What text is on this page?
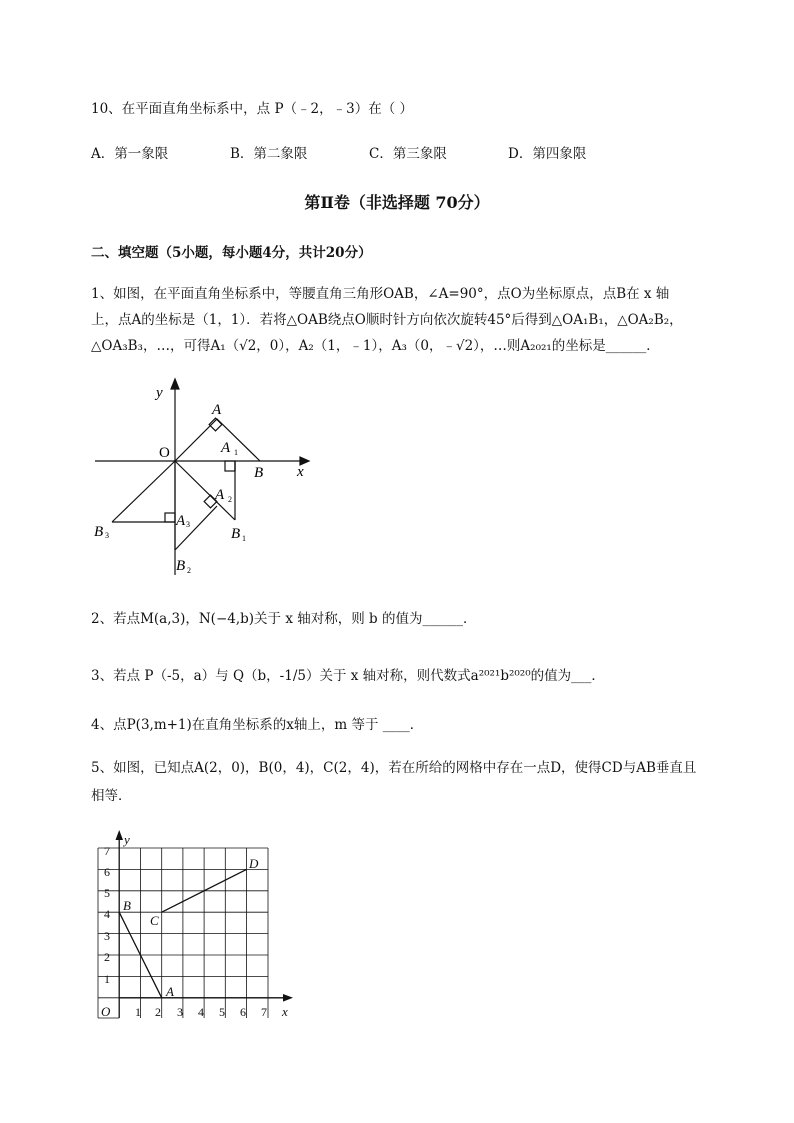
10、在平面直角坐标系中，点 P（﹣2，﹣3）在（ ）
A．第一象限	B．第二象限	C．第三象限	D．第四象限
第Ⅱ卷（非选择题 70分）
二、填空题（5小题，每小题4分，共计20分）
1、如图，在平面直角坐标系中，等腰直角三角形OAB，∠A=90°，点O为坐标原点，点B在 x 轴
上，点A的坐标是（1，1）．若将△OAB绕点O顺时针方向依次旋转45°后得到△OA₁B₁，△OA₂B₂，
△OA₃B₃，…，可得A₁（√2，0），A₂（1，﹣1），A₃（0，﹣√2），…则A₂₀₂₁的坐标是______．
y
x
O
A
A 1
B
A 2
B 1
B 3
A 3
B 2
2、若点M(a,3)，N(−4,b)关于 x 轴对称，则 b 的值为______．
3、若点 P（-5，a）与 Q（b，-1/5）关于 x 轴对称，则代数式a²⁰²¹b²⁰²⁰的值为___．
4、点P(3,m+1)在直角坐标系的x轴上，m 等于 ____．
5、如图，已知点A(2，0)，B(0，4)，C(2，4)，若在所给的网格中存在一点D，使得CD与AB垂直且
相等．
7
6
5
4
3
2
1
1 2 3 4 5 6 7
y
x
O
B
C
D
A
